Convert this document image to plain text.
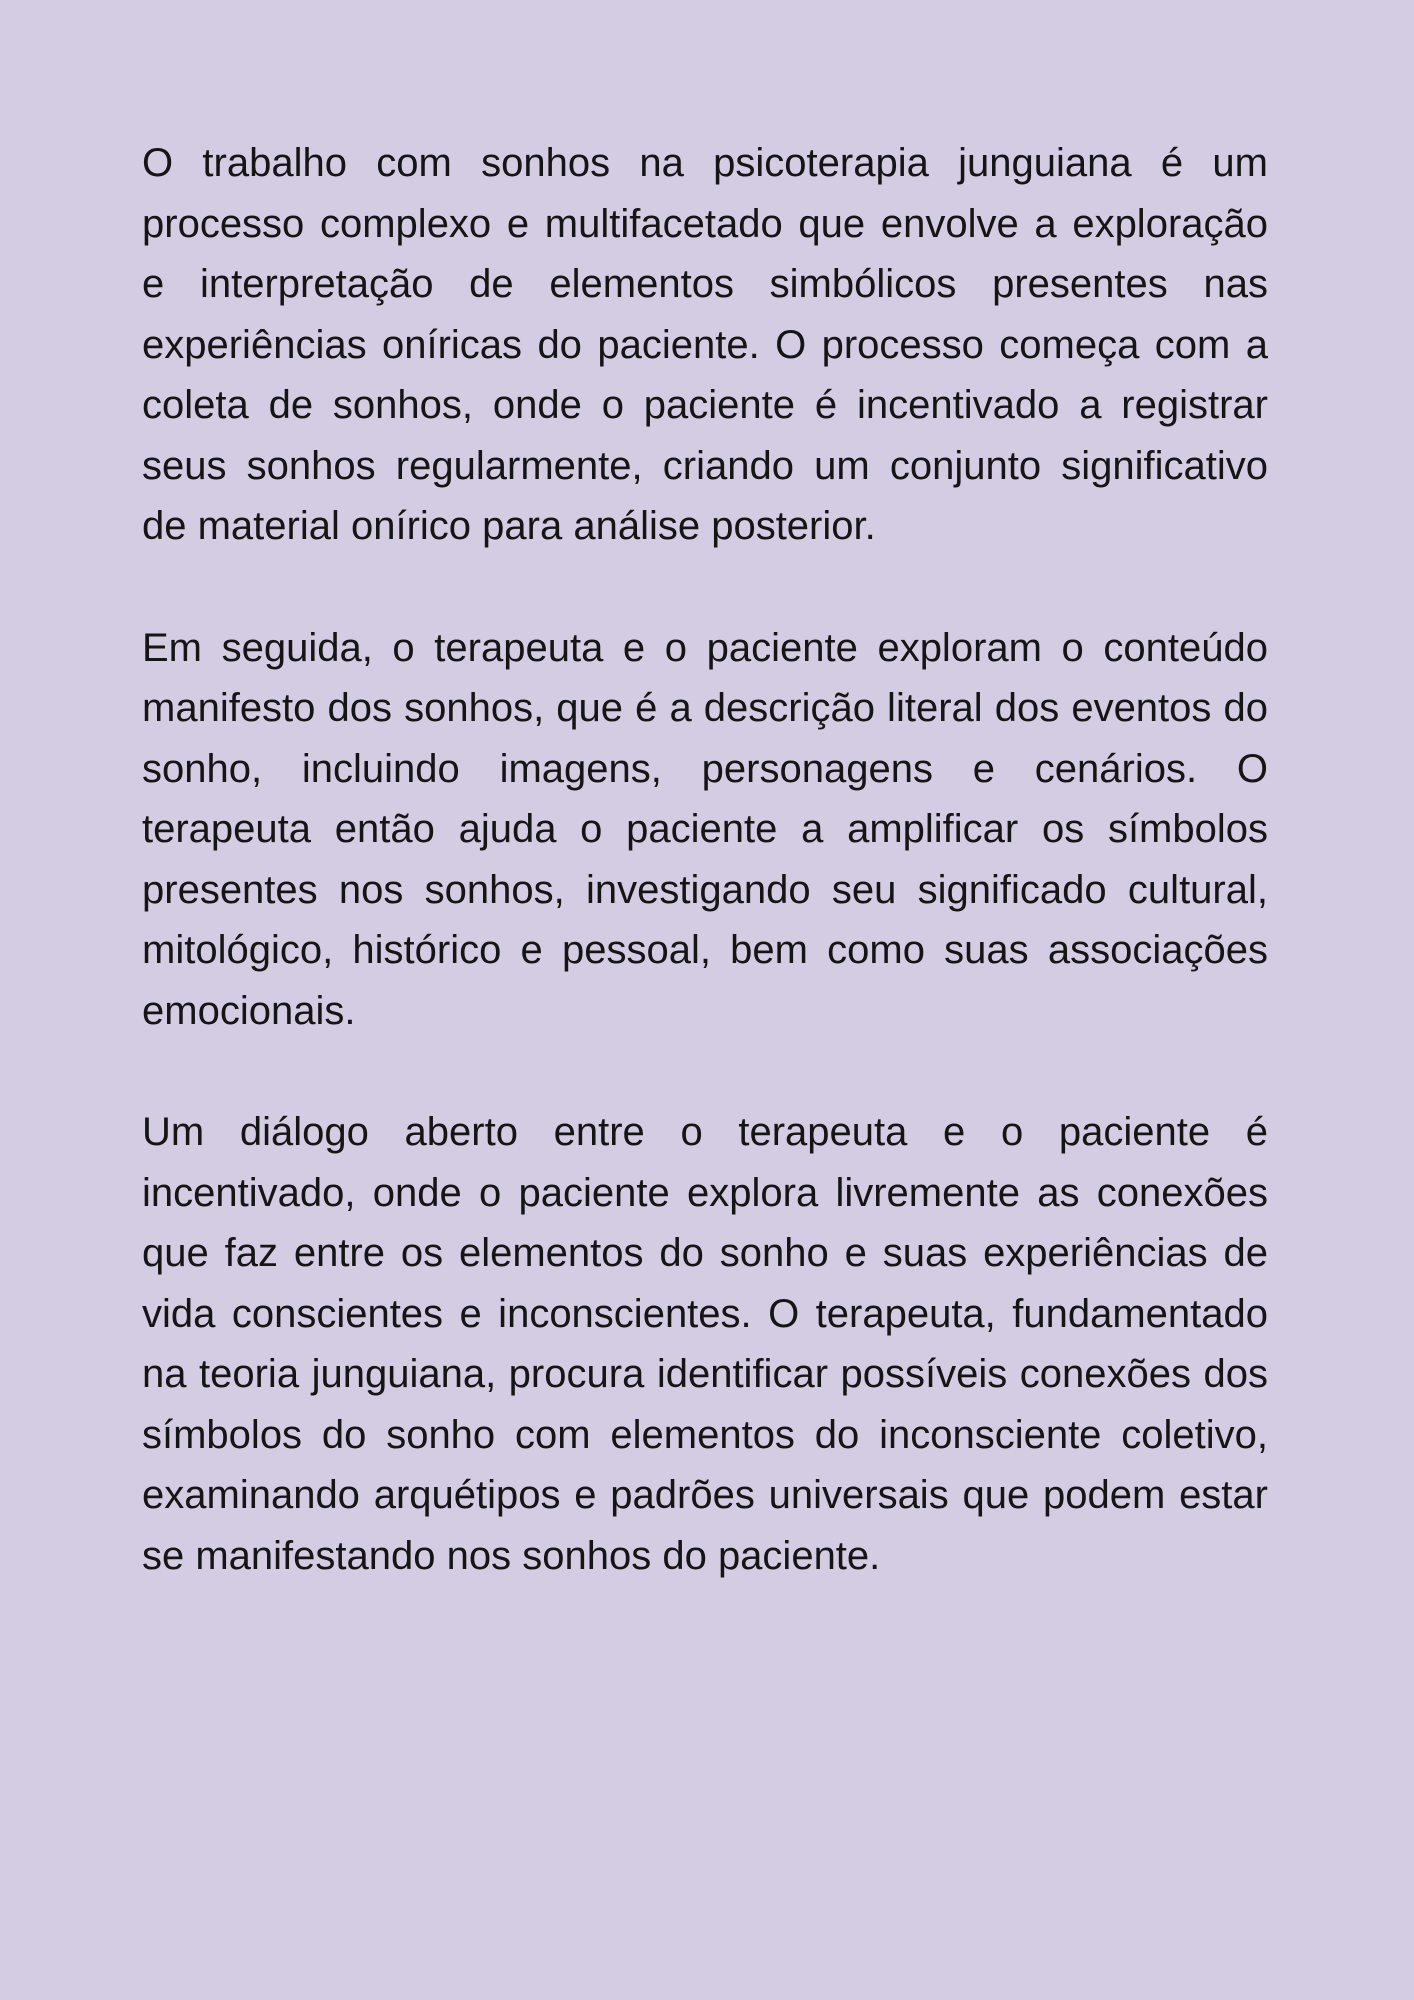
O trabalho com sonhos na psicoterapia junguiana é um processo complexo e multifacetado que envolve a exploração e interpretação de elementos simbólicos presentes nas experiências oníricas do paciente. O processo começa com a coleta de sonhos, onde o paciente é incentivado a registrar seus sonhos regularmente, criando um conjunto significativo de material onírico para análise posterior.

Em seguida, o terapeuta e o paciente exploram o conteúdo manifesto dos sonhos, que é a descrição literal dos eventos do sonho, incluindo imagens, personagens e cenários. O terapeuta então ajuda o paciente a amplificar os símbolos presentes nos sonhos, investigando seu significado cultural, mitológico, histórico e pessoal, bem como suas associações emocionais.

Um diálogo aberto entre o terapeuta e o paciente é incentivado, onde o paciente explora livremente as conexões que faz entre os elementos do sonho e suas experiências de vida conscientes e inconscientes. O terapeuta, fundamentado na teoria junguiana, procura identificar possíveis conexões dos símbolos do sonho com elementos do inconsciente coletivo, examinando arquétipos e padrões universais que podem estar se manifestando nos sonhos do paciente.
